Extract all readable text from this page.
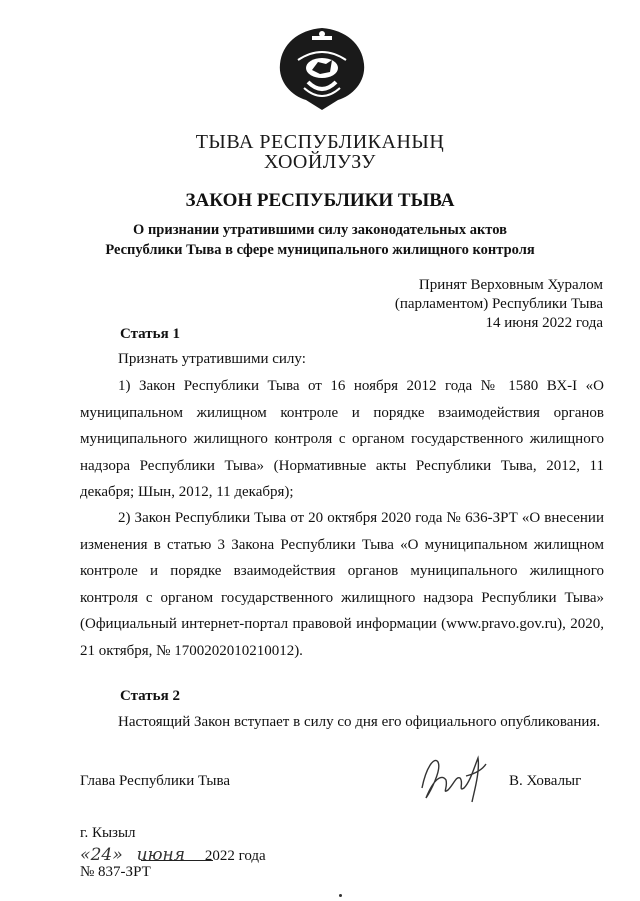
ТЫВА РЕСПУБЛИКАНЫҢ
ХООЙЛУЗУ
ЗАКОН РЕСПУБЛИКИ ТЫВА
О признании утратившими силу законодательных актов
Республики Тыва в сфере муниципального жилищного контроля
Принят Верховным Хуралом
(парламентом) Республики Тыва
14 июня 2022 года
Статья 1
Признать утратившими силу:
1) Закон Республики Тыва от 16 ноября 2012 года № 1580 ВХ-I «О муниципальном жилищном контроле и порядке взаимодействия органов муниципального жилищного контроля с органом государственного жилищного надзора Республики Тыва» (Нормативные акты Республики Тыва, 2012, 11 декабря; Шын, 2012, 11 декабря);
2) Закон Республики Тыва от 20 октября 2020 года № 636-ЗРТ «О внесении изменения в статью 3 Закона Республики Тыва «О муниципальном жилищном контроле и порядке взаимодействия органов муниципального жилищного контроля с органом государственного жилищного надзора Республики Тыва» (Официальный интернет-портал правовой информации (www.pravo.gov.ru), 2020, 21 октября, № 1700202010210012).
Статья 2
Настоящий Закон вступает в силу со дня его официального опубликования.
Глава Республики Тыва	В. Ховалыг
г. Кызыл
«24» июня 2022 года
№ 837-ЗРТ
